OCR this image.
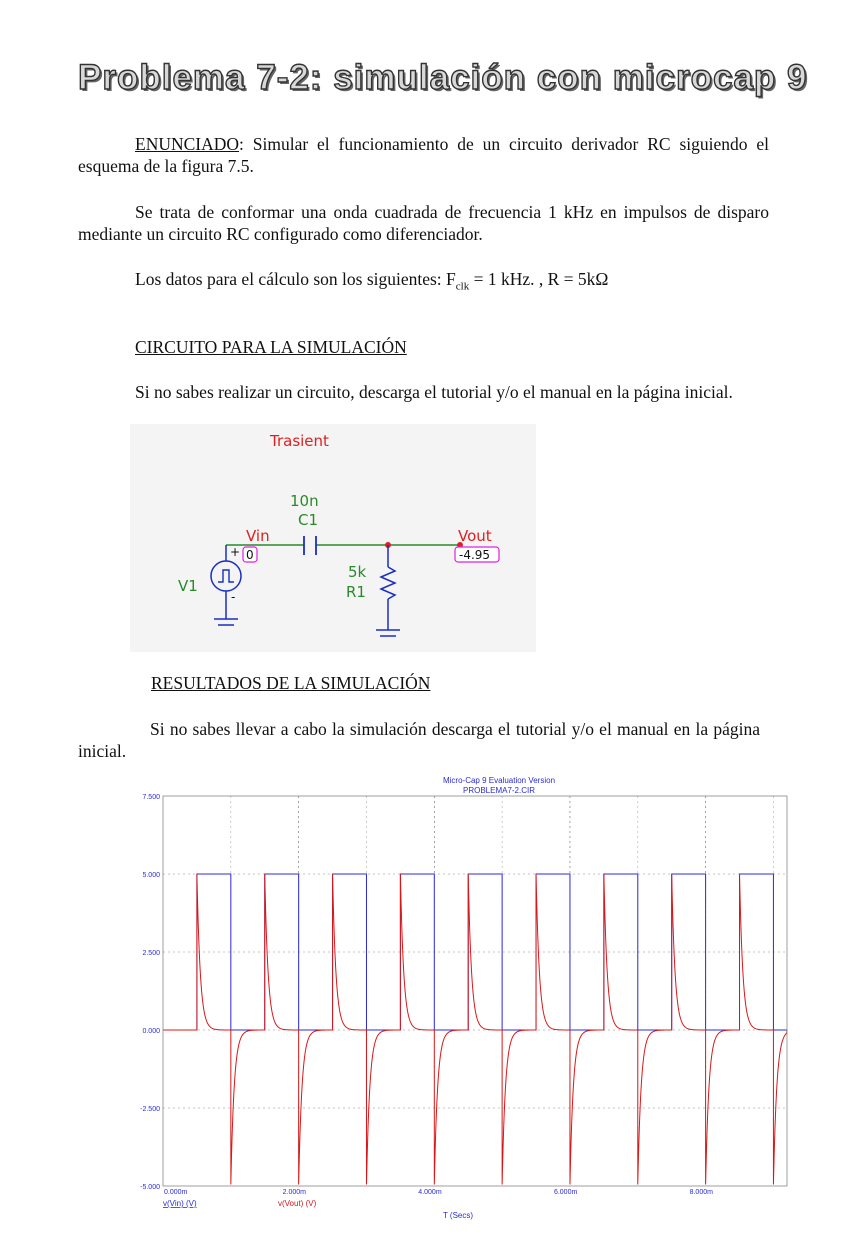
Problema 7-2: simulación con microcap 9
ENUNCIADO: Simular el funcionamiento de un circuito derivador RC siguiendo el esquema de la figura 7.5.
Se trata de conformar una onda cuadrada de frecuencia 1 kHz en impulsos de disparo mediante un circuito RC configurado como diferenciador.
Los datos para el cálculo son los siguientes: $F_{clk} = 1$ kHz. , R = 5kΩ
CIRCUITO PARA LA SIMULACIÓN
Si no sabes realizar un circuito, descarga el tutorial y/o el manual en la página inicial.
Trasient
+
-
V1
10n
C1
Vin
0
5k
R1
Vout
-4.95
RESULTADOS DE LA SIMULACIÓN
Si no sabes llevar a cabo la simulación descarga el tutorial y/o el manual en la página inicial.
Micro-Cap 9 Evaluation Version
PROBLEMA7-2.CIR
7.500
5.000
2.500
0.000
-2.500
-5.000
0.000m	2.000m	4.000m	6.000m	8.000m
v(Vin) (V)	v(Vout) (V)
T (Secs)
